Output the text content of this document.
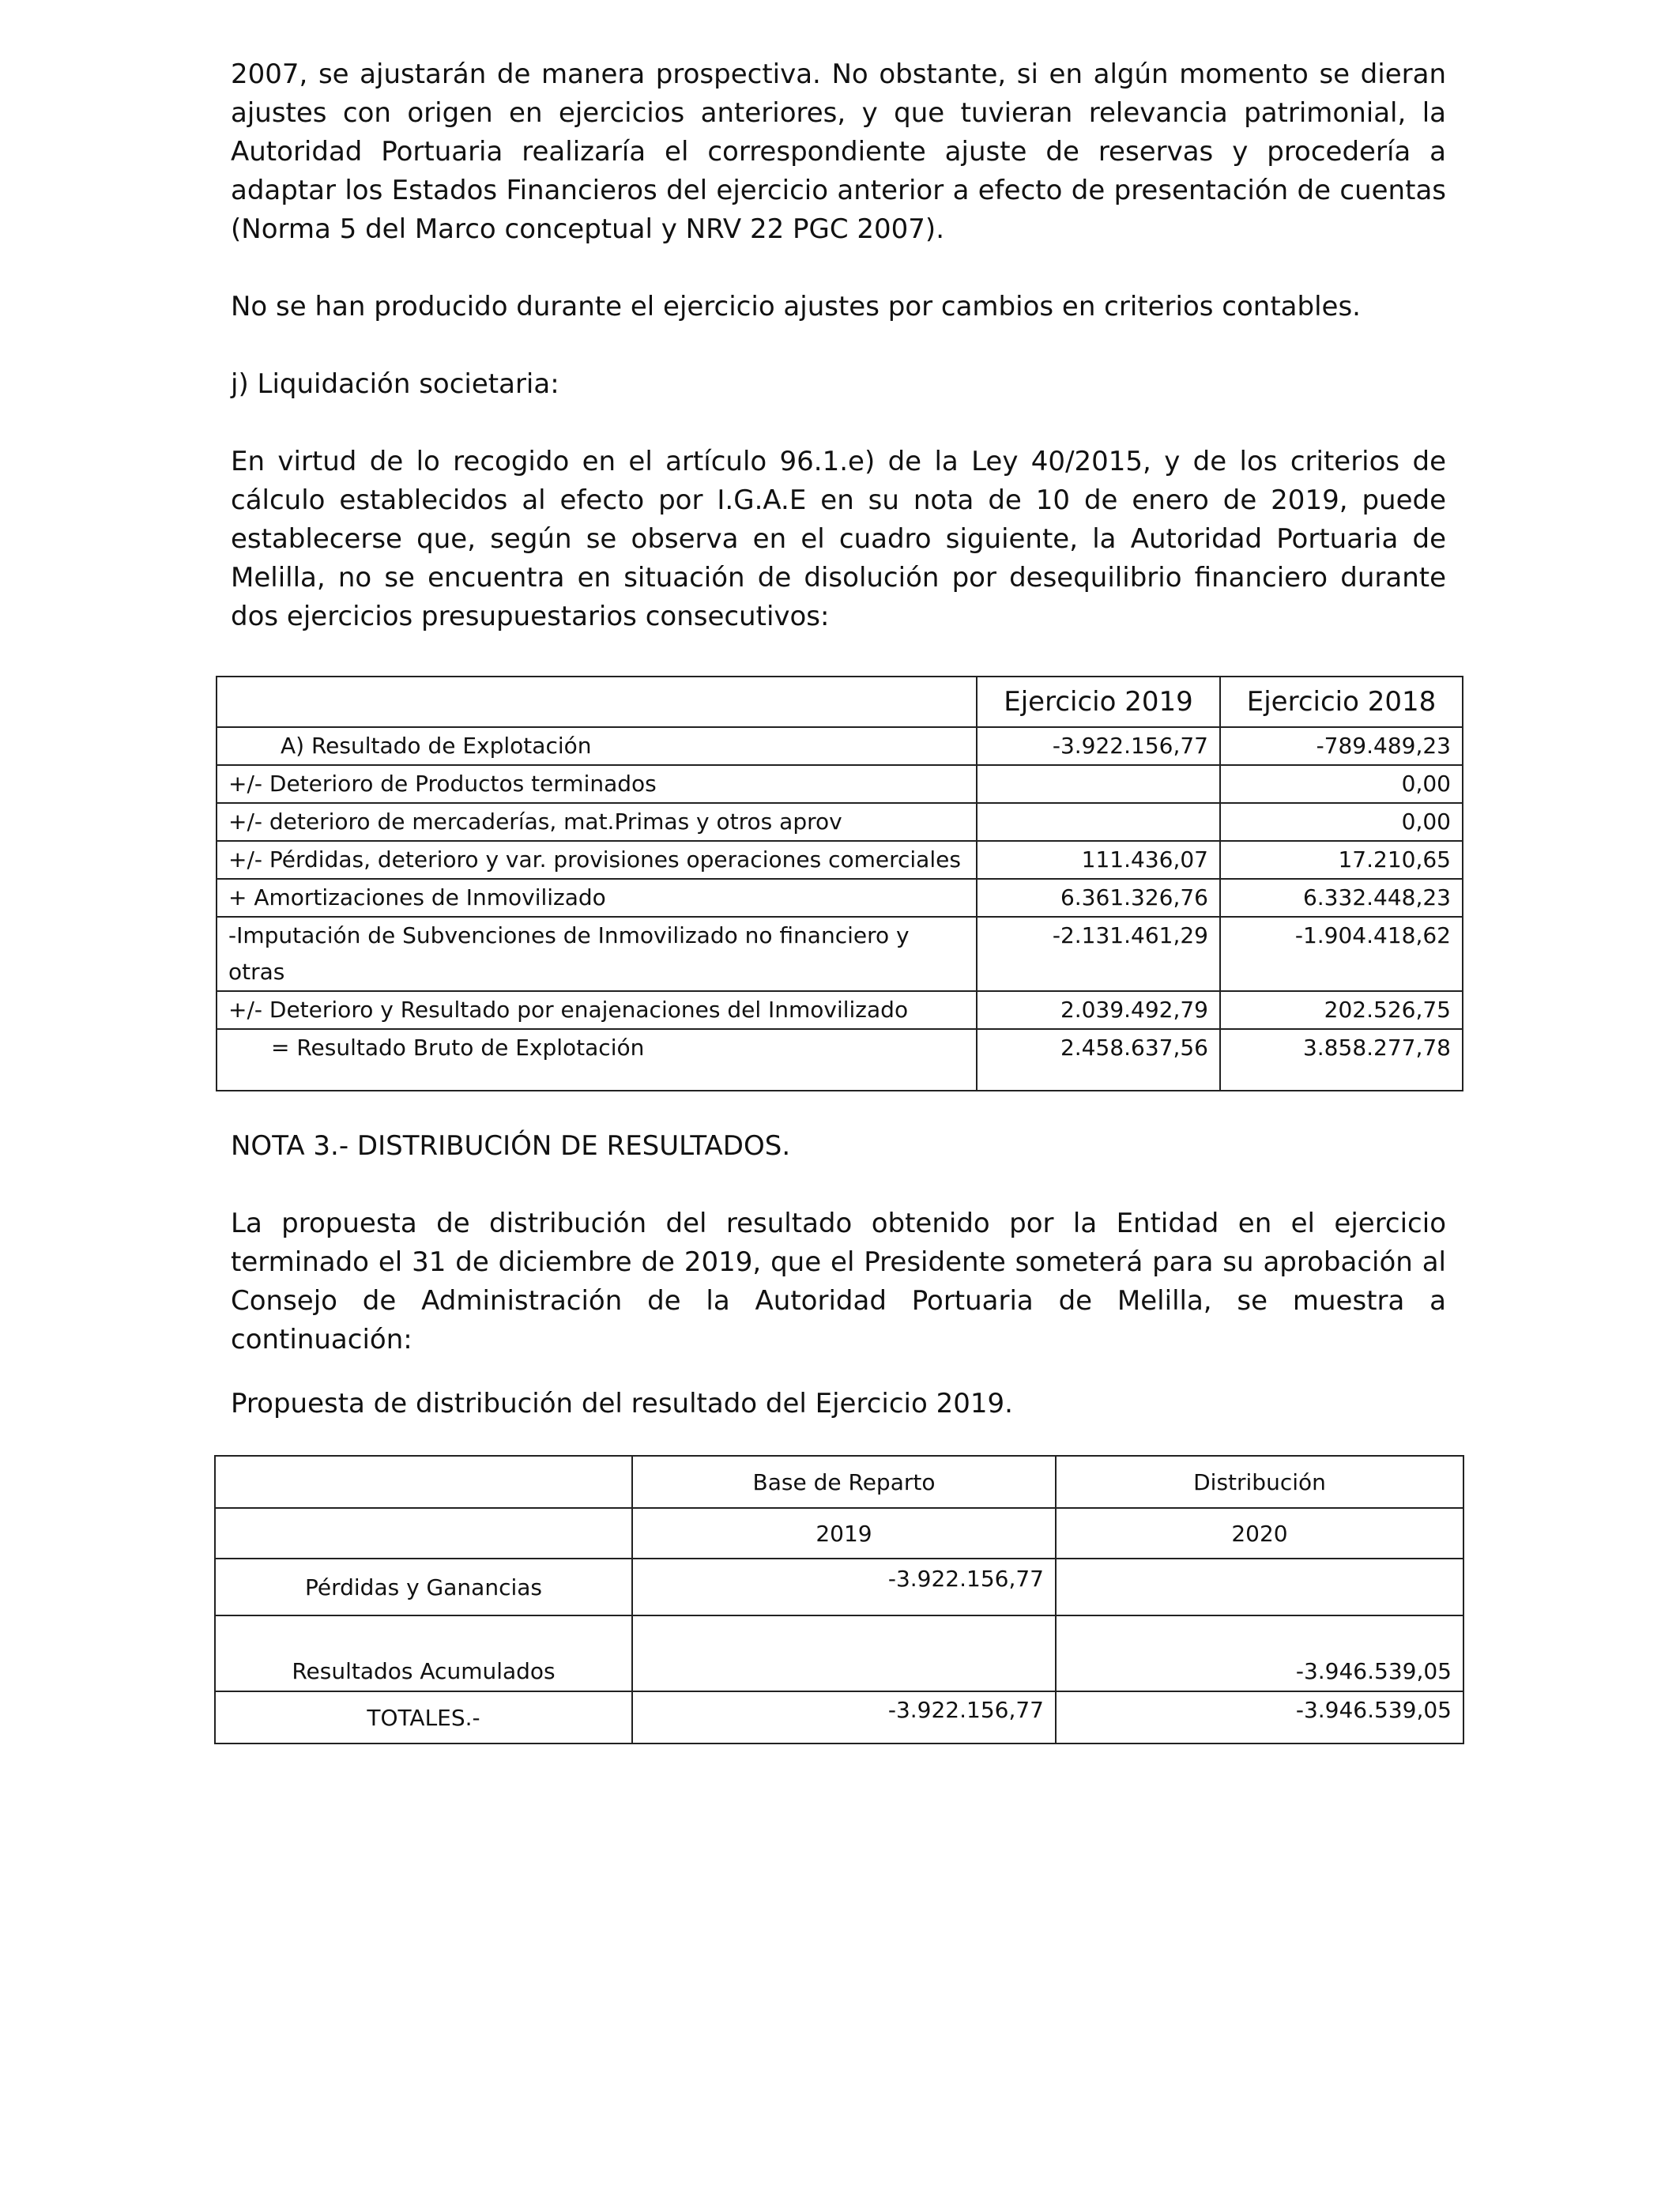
2007, se ajustarán de manera prospectiva. No obstante, si en algún momento se dieran ajustes con origen en ejercicios anteriores, y que tuvieran relevancia patrimonial, la Autoridad Portuaria realizaría el correspondiente ajuste de reservas y procedería a adaptar los Estados Financieros del ejercicio anterior a efecto de presentación de cuentas (Norma 5 del Marco conceptual y NRV 22 PGC 2007).

No se han producido durante el ejercicio ajustes por cambios en criterios contables.

j) Liquidación societaria:

En virtud de lo recogido en el artículo 96.1.e) de la Ley 40/2015, y de los criterios de cálculo establecidos al efecto por I.G.A.E en su nota de 10 de enero de 2019, puede establecerse que, según se observa en el cuadro siguiente, la Autoridad Portuaria de Melilla, no se encuentra en situación de disolución por desequilibrio financiero durante dos ejercicios presupuestarios consecutivos:

	Ejercicio 2019	Ejercicio 2018
A) Resultado de Explotación	-3.922.156,77	-789.489,23
+/- Deterioro de Productos terminados		0,00
+/- deterioro de mercaderías, mat.Primas y otros aprov		0,00
+/- Pérdidas, deterioro y var. provisiones operaciones comerciales	111.436,07	17.210,65
+ Amortizaciones de Inmovilizado	6.361.326,76	6.332.448,23
-Imputación de Subvenciones de Inmovilizado no financiero y otras	-2.131.461,29	-1.904.418,62
+/- Deterioro y Resultado por enajenaciones del Inmovilizado	2.039.492,79	202.526,75
= Resultado Bruto de Explotación	2.458.637,56	3.858.277,78

NOTA 3.- DISTRIBUCIÓN DE RESULTADOS.

La propuesta de distribución del resultado obtenido por la Entidad en el ejercicio terminado el 31 de diciembre de 2019, que el Presidente someterá para su aprobación al Consejo de Administración de la Autoridad Portuaria de Melilla, se muestra a continuación:

Propuesta de distribución del resultado del Ejercicio 2019.

	Base de Reparto	Distribución
	2019	2020
Pérdidas y Ganancias	-3.922.156,77	
Resultados Acumulados		-3.946.539,05
TOTALES.-	-3.922.156,77	-3.946.539,05
